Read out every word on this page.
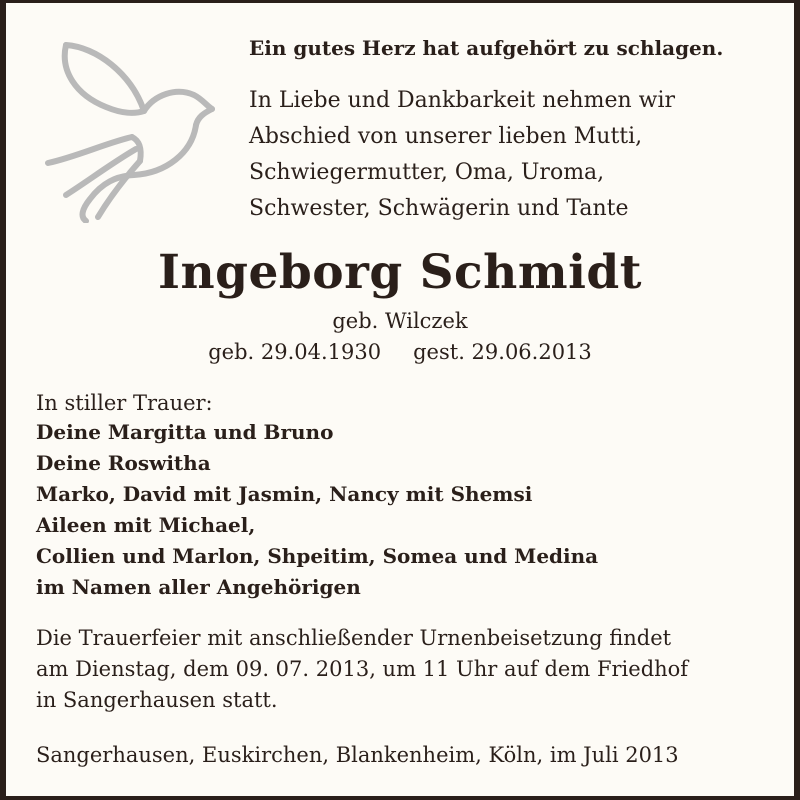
Ein gutes Herz hat aufgehört zu schlagen.
In Liebe und Dankbarkeit nehmen wir
Abschied von unserer lieben Mutti,
Schwiegermutter, Oma, Uroma,
Schwester, Schwägerin und Tante
Ingeborg Schmidt
geb. Wilczek
geb. 29.04.1930 gest. 29.06.2013
In stiller Trauer:
Deine Margitta und Bruno
Deine Roswitha
Marko, David mit Jasmin, Nancy mit Shemsi
Aileen mit Michael,
Collien und Marlon, Shpeitim, Somea und Medina
im Namen aller Angehörigen
Die Trauerfeier mit anschließender Urnenbeisetzung findet
am Dienstag, dem 09. 07. 2013, um 11 Uhr auf dem Friedhof
in Sangerhausen statt.
Sangerhausen, Euskirchen, Blankenheim, Köln, im Juli 2013
